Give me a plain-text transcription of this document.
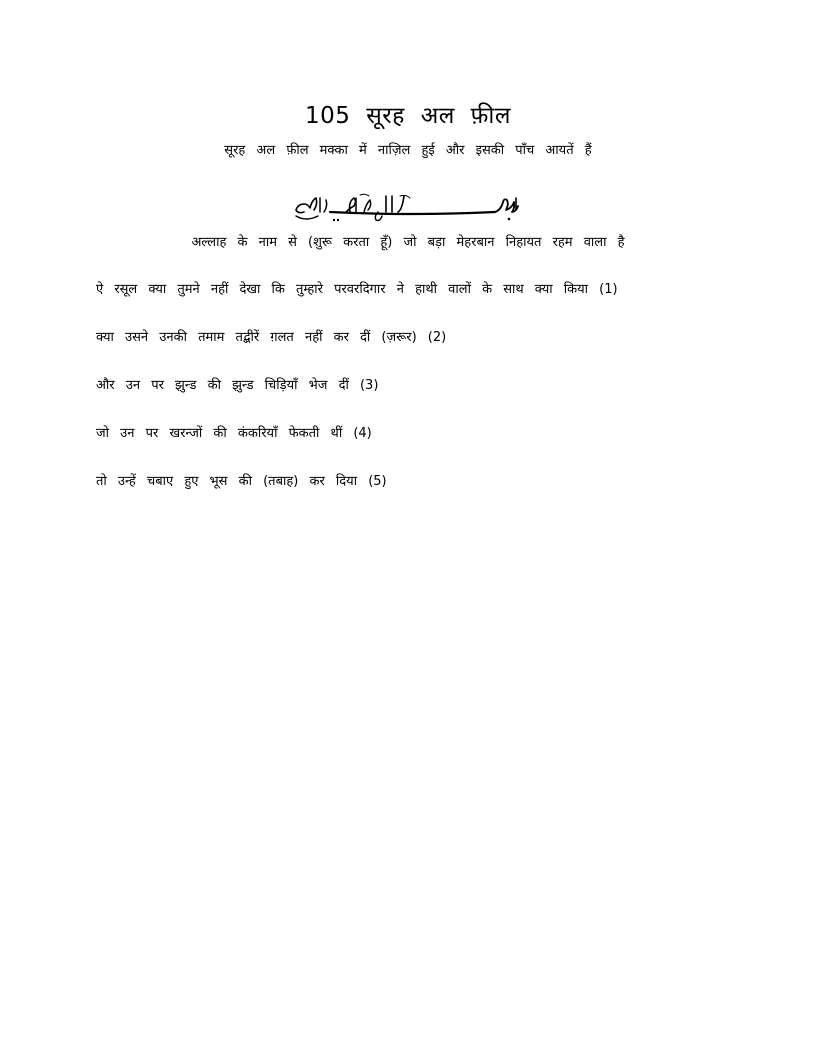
105 सूरह अल फ़ील
सूरह अल फ़ील मक्का में नाज़िल हुई और इसकी पाँच आयतें हैं
अल्लाह के नाम से (शुरू करता हूँ) जो बड़ा मेहरबान निहायत रहम वाला है
ऐ रसूल क्या तुमने नहीं देखा कि तुम्हारे परवरदिगार ने हाथी वालों के साथ क्या किया (1)
क्या उसने उनकी तमाम तद्बीरें ग़लत नहीं कर दीं (ज़रूर) (2)
और उन पर झुन्ड की झुन्ड चिड़ियाँ भेज दीं (3)
जो उन पर खरन्जों की कंकरियाँ फेकती थीं (4)
तो उन्हें चबाए हुए भूस की (तबाह) कर दिया (5)
